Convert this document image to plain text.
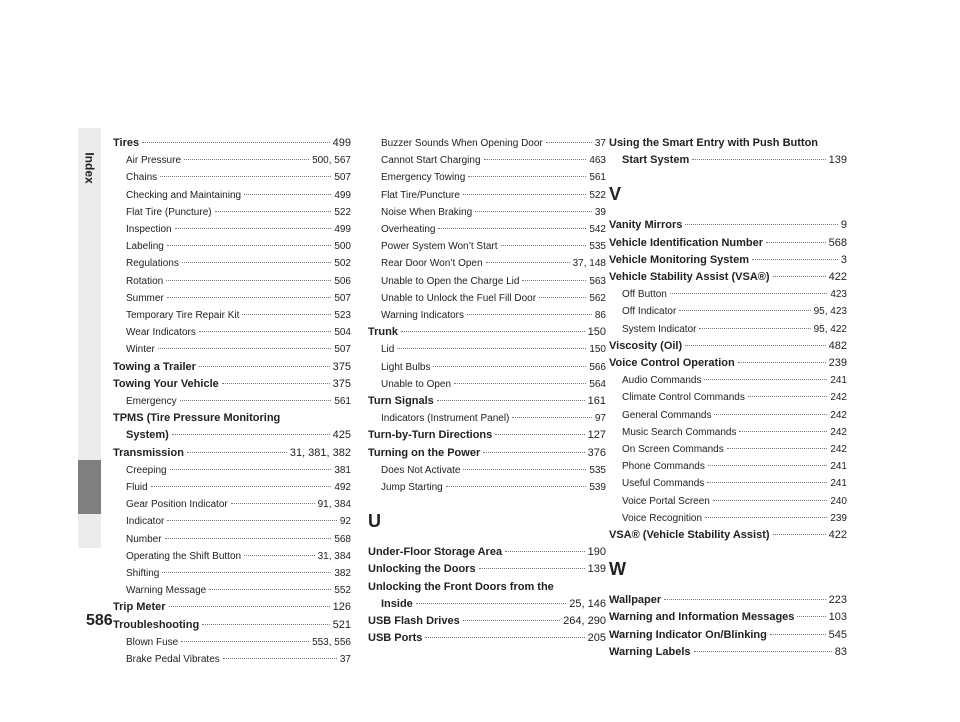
Index
Tires	499
Air Pressure	500, 567
Chains	507
Checking and Maintaining	499
Flat Tire (Puncture)	522
Inspection	499
Labeling	500
Regulations	502
Rotation	506
Summer	507
Temporary Tire Repair Kit	523
Wear Indicators	504
Winter	507
Towing a Trailer	375
Towing Your Vehicle	375
Emergency	561
TPMS (Tire Pressure Monitoring
System)	425
Transmission	31, 381, 382
Creeping	381
Fluid	492
Gear Position Indicator	91, 384
Indicator	92
Number	568
Operating the Shift Button	31, 384
Shifting	382
Warning Message	552
Trip Meter	126
Troubleshooting	521
Blown Fuse	553, 556
Brake Pedal Vibrates	37
Buzzer Sounds When Opening Door	37
Cannot Start Charging	463
Emergency Towing	561
Flat Tire/Puncture	522
Noise When Braking	39
Overheating	542
Power System Won’t Start	535
Rear Door Won’t Open	37, 148
Unable to Open the Charge Lid	563
Unable to Unlock the Fuel Fill Door	562
Warning Indicators	86
Trunk	150
Lid	150
Light Bulbs	566
Unable to Open	564
Turn Signals	161
Indicators (Instrument Panel)	97
Turn-by-Turn Directions	127
Turning on the Power	376
Does Not Activate	535
Jump Starting	539
U
Under-Floor Storage Area	190
Unlocking the Doors	139
Unlocking the Front Doors from the
Inside	25, 146
USB Flash Drives	264, 290
USB Ports	205
Using the Smart Entry with Push Button
Start System	139
V
Vanity Mirrors	9
Vehicle Identification Number	568
Vehicle Monitoring System	3
Vehicle Stability Assist (VSA®)	422
Off Button	423
Off Indicator	95, 423
System Indicator	95, 422
Viscosity (Oil)	482
Voice Control Operation	239
Audio Commands	241
Climate Control Commands	242
General Commands	242
Music Search Commands	242
On Screen Commands	242
Phone Commands	241
Useful Commands	241
Voice Portal Screen	240
Voice Recognition	239
VSA® (Vehicle Stability Assist)	422
W
Wallpaper	223
Warning and Information Messages	103
Warning Indicator On/Blinking	545
Warning Labels	83
586
